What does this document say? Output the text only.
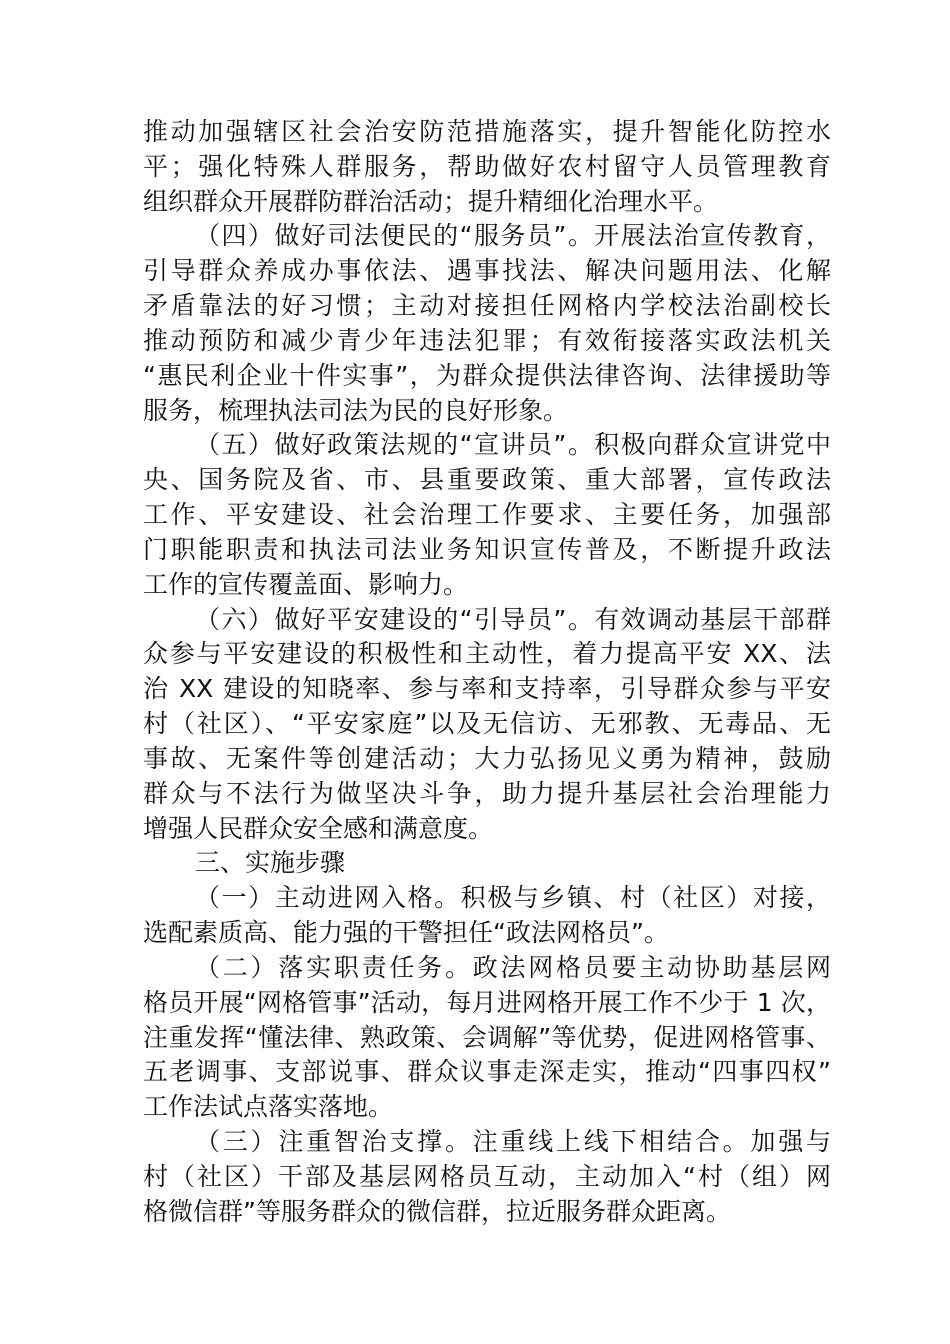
推动加强辖区社会治安防范措施落实，提升智能化防控水
平；强化特殊人群服务，帮助做好农村留守人员管理教育
组织群众开展群防群治活动；提升精细化治理水平。
（四）做好司法便民的“服务员”。开展法治宣传教育，
引导群众养成办事依法、遇事找法、解决问题用法、化解
矛盾靠法的好习惯；主动对接担任网格内学校法治副校长
推动预防和减少青少年违法犯罪；有效衔接落实政法机关
“惠民利企业十件实事”，为群众提供法律咨询、法律援助等
服务，梳理执法司法为民的良好形象。
（五）做好政策法规的“宣讲员”。积极向群众宣讲党中
央、国务院及省、市、县重要政策、重大部署，宣传政法
工作、平安建设、社会治理工作要求、主要任务，加强部
门职能职责和执法司法业务知识宣传普及，不断提升政法
工作的宣传覆盖面、影响力。
（六）做好平安建设的“引导员”。有效调动基层干部群
众参与平安建设的积极性和主动性，着力提高平安 XX、法
治 XX 建设的知晓率、参与率和支持率，引导群众参与平安
村（社区）、“平安家庭”以及无信访、无邪教、无毒品、无
事故、无案件等创建活动；大力弘扬见义勇为精神，鼓励
群众与不法行为做坚决斗争，助力提升基层社会治理能力
增强人民群众安全感和满意度。
三、实施步骤
（一）主动进网入格。积极与乡镇、村（社区）对接，
选配素质高、能力强的干警担任“政法网格员”。
（二）落实职责任务。政法网格员要主动协助基层网
格员开展“网格管事”活动，每月进网格开展工作不少于 1 次，
注重发挥“懂法律、熟政策、会调解”等优势，促进网格管事、
五老调事、支部说事、群众议事走深走实，推动“四事四权”
工作法试点落实落地。
（三）注重智治支撑。注重线上线下相结合。加强与
村（社区）干部及基层网格员互动，主动加入“村（组）网
格微信群”等服务群众的微信群，拉近服务群众距离。
